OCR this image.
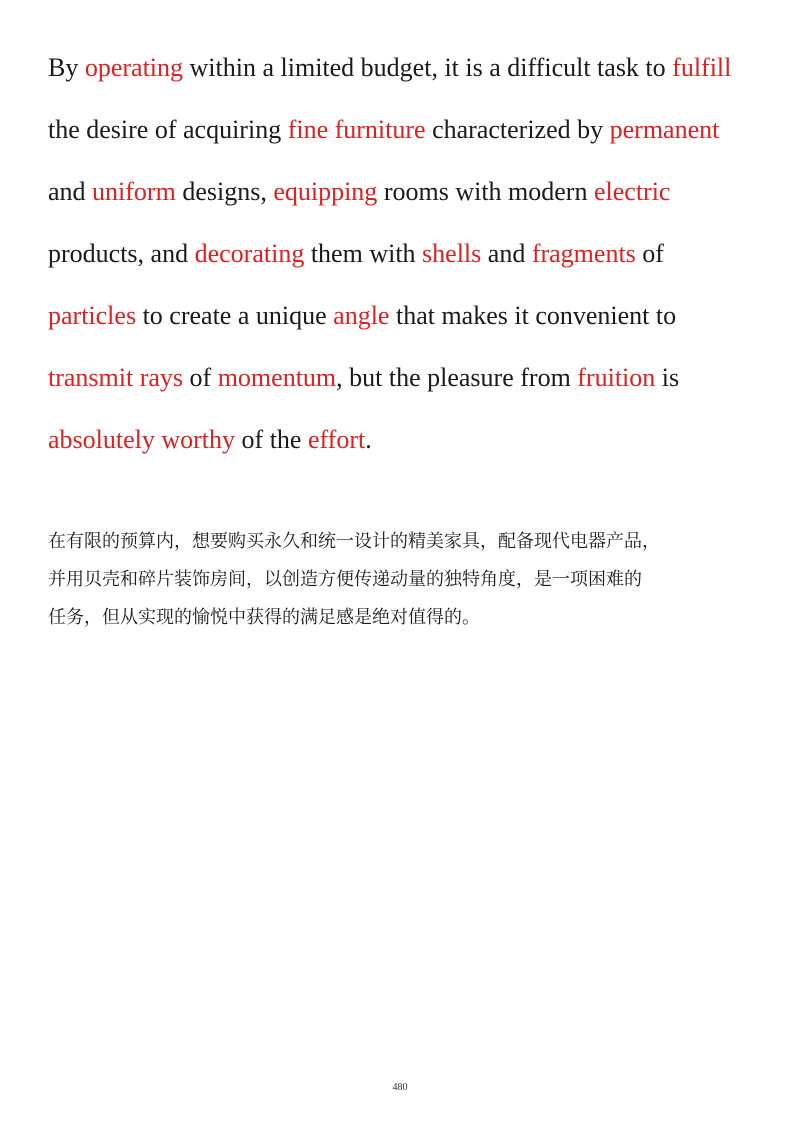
By operating within a limited budget, it is a difficult task to fulfill
the desire of acquiring fine furniture characterized by permanent
and uniform designs, equipping rooms with modern electric
products, and decorating them with shells and fragments of
particles to create a unique angle that makes it convenient to
transmit rays of momentum, but the pleasure from fruition is
absolutely worthy of the effort.
在有限的预算内，想要购买永久和统一设计的精美家具，配备现代电器产品，
并用贝壳和碎片装饰房间，以创造方便传递动量的独特角度，是一项困难的
任务，但从实现的愉悦中获得的满足感是绝对值得的。
480
